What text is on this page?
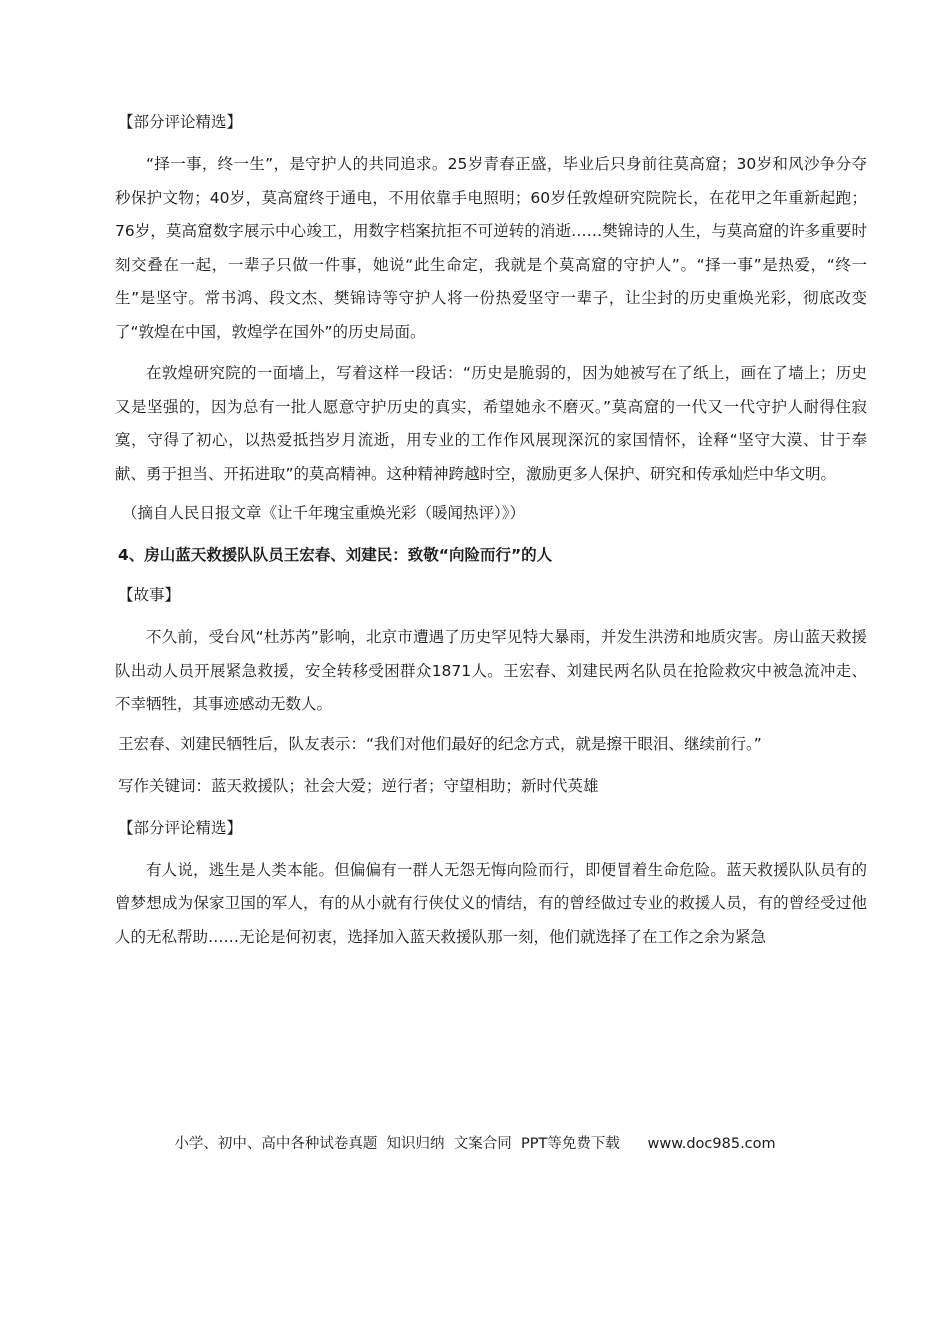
【部分评论精选】

“择一事，终一生”，是守护人的共同追求。25岁青春正盛，毕业后只身前往莫高窟；30岁和风沙争分夺秒保护文物；40岁，莫高窟终于通电，不用依靠手电照明；60岁任敦煌研究院院长，在花甲之年重新起跑；76岁，莫高窟数字展示中心竣工，用数字档案抗拒不可逆转的消逝……樊锦诗的人生，与莫高窟的许多重要时刻交叠在一起，一辈子只做一件事，她说“此生命定，我就是个莫高窟的守护人”。“择一事”是热爱，“终一生”是坚守。常书鸿、段文杰、樊锦诗等守护人将一份热爱坚守一辈子，让尘封的历史重焕光彩，彻底改变了“敦煌在中国，敦煌学在国外”的历史局面。

在敦煌研究院的一面墙上，写着这样一段话：“历史是脆弱的，因为她被写在了纸上，画在了墙上；历史又是坚强的，因为总有一批人愿意守护历史的真实，希望她永不磨灭。”莫高窟的一代又一代守护人耐得住寂寞，守得了初心，以热爱抵挡岁月流逝，用专业的工作作风展现深沉的家国情怀，诠释“坚守大漠、甘于奉献、勇于担当、开拓进取”的莫高精神。这种精神跨越时空，激励更多人保护、研究和传承灿烂中华文明。

（摘自人民日报文章《让千年瑰宝重焕光彩（暖闻热评）》）

4、房山蓝天救援队队员王宏春、刘建民：致敬“向险而行”的人

【故事】

不久前，受台风“杜苏芮”影响，北京市遭遇了历史罕见特大暴雨，并发生洪涝和地质灾害。房山蓝天救援队出动人员开展紧急救援，安全转移受困群众1871人。王宏春、刘建民两名队员在抢险救灾中被急流冲走、不幸牺牲，其事迹感动无数人。

王宏春、刘建民牺牲后，队友表示：“我们对他们最好的纪念方式，就是擦干眼泪、继续前行。”

写作关键词：蓝天救援队；社会大爱；逆行者；守望相助；新时代英雄

【部分评论精选】

有人说，逃生是人类本能。但偏偏有一群人无怨无悔向险而行，即便冒着生命危险。蓝天救援队队员有的曾梦想成为保家卫国的军人，有的从小就有行侠仗义的情结，有的曾经做过专业的救援人员，有的曾经受过他人的无私帮助……无论是何初衷，选择加入蓝天救援队那一刻，他们就选择了在工作之余为紧急

小学、初中、高中各种试卷真题  知识归纳  文案合同  PPT等免费下载      www.doc985.com
